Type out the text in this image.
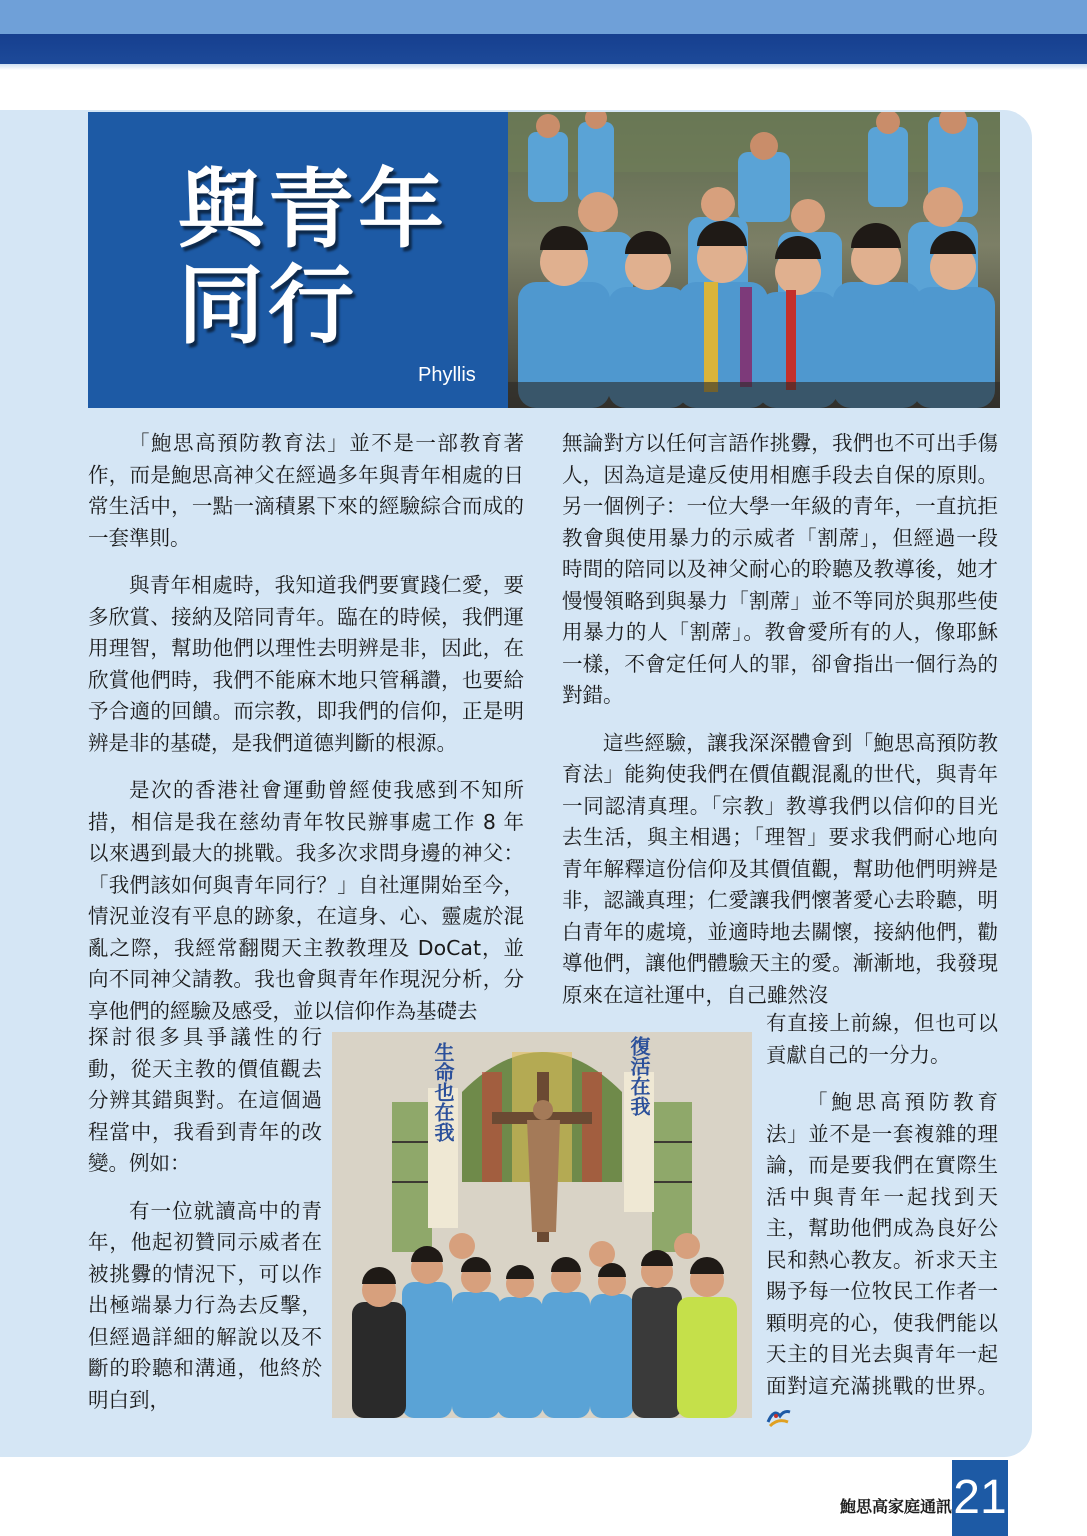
與青年
同行
Phyllis
生命也在我	復活在我

「鮑思高預防教育法」並不是一部教育著作，而是鮑思高神父在經過多年與青年相處的日常生活中，一點一滴積累下來的經驗綜合而成的一套準則。

與青年相處時，我知道我們要實踐仁愛，要多欣賞、接納及陪同青年。臨在的時候，我們運用理智，幫助他們以理性去明辨是非，因此，在欣賞他們時，我們不能麻木地只管稱讚，也要給予合適的回饋。而宗教，即我們的信仰，正是明辨是非的基礎，是我們道德判斷的根源。

是次的香港社會運動曾經使我感到不知所措，相信是我在慈幼青年牧民辦事處工作 8 年以來遇到最大的挑戰。我多次求問身邊的神父：「我們該如何與青年同行？」自社運開始至今，情況並沒有平息的跡象，在這身、心、靈處於混亂之際，我經常翻閱天主教教理及 DoCat，並向不同神父請教。我也會與青年作現況分析，分享他們的經驗及感受，並以信仰作為基礎去

探討很多具爭議性的行動，從天主教的價值觀去分辨其錯與對。在這個過程當中，我看到青年的改變。例如：

有一位就讀高中的青年，他起初贊同示威者在被挑釁的情況下，可以作出極端暴力行為去反擊，但經過詳細的解說以及不斷的聆聽和溝通，他終於明白到，

無論對方以任何言語作挑釁，我們也不可出手傷人，因為這是違反使用相應手段去自保的原則。另一個例子：一位大學一年級的青年，一直抗拒教會與使用暴力的示威者「割蓆」，但經過一段時間的陪同以及神父耐心的聆聽及教導後，她才慢慢領略到與暴力「割蓆」並不等同於與那些使用暴力的人「割蓆」。教會愛所有的人，像耶穌一樣，不會定任何人的罪，卻會指出一個行為的對錯。

這些經驗，讓我深深體會到「鮑思高預防教育法」能夠使我們在價值觀混亂的世代，與青年一同認清真理。「宗教」教導我們以信仰的目光去生活，與主相遇；「理智」要求我們耐心地向青年解釋這份信仰及其價值觀，幫助他們明辨是非，認識真理；仁愛讓我們懷著愛心去聆聽，明白青年的處境，並適時地去關懷，接納他們，勸導他們，讓他們體驗天主的愛。漸漸地，我發現原來在這社運中，自己雖然沒

有直接上前線，但也可以貢獻自己的一分力。

「鮑思高預防教育法」並不是一套複雜的理論，而是要我們在實際生活中與青年一起找到天主，幫助他們成為良好公民和熱心教友。祈求天主賜予每一位牧民工作者一顆明亮的心，使我們能以天主的目光去與青年一起面對這充滿挑戰的世界。

鮑思高家庭通訊 21
